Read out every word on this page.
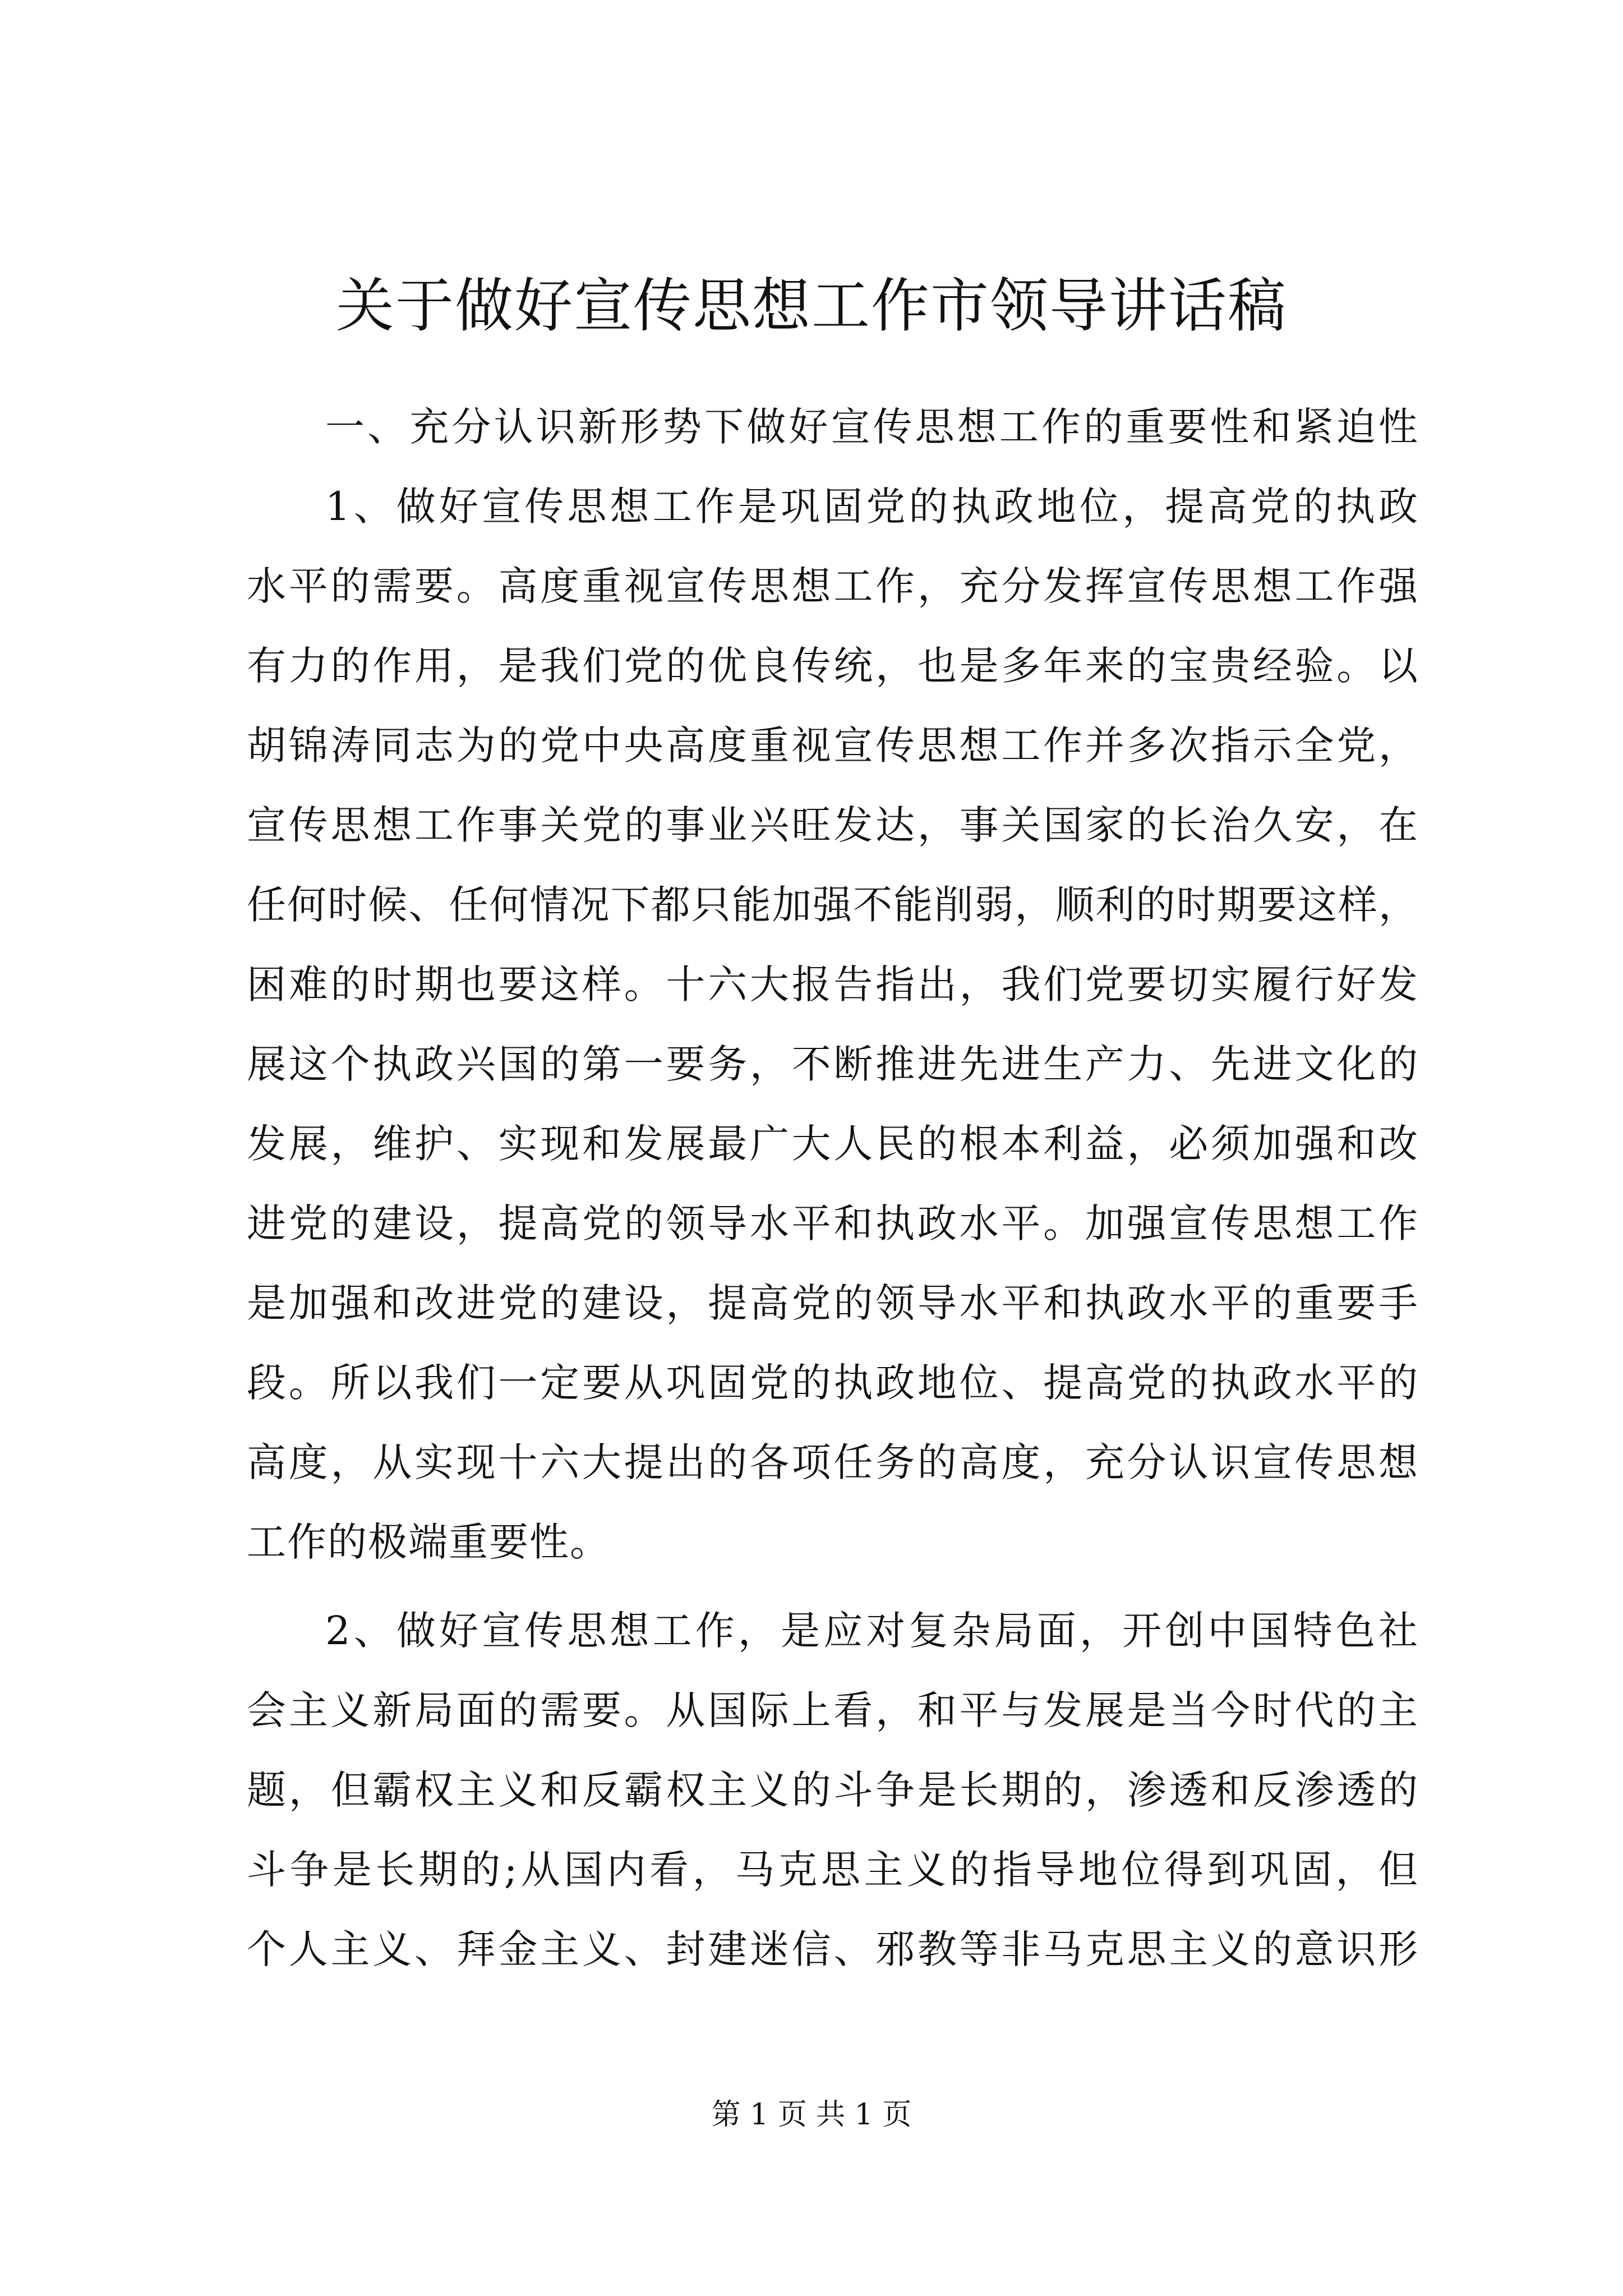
关于做好宣传思想工作市领导讲话稿
一、充分认识新形势下做好宣传思想工作的重要性和紧迫性
1、做好宣传思想工作是巩固党的执政地位，提高党的执政
水平的需要。高度重视宣传思想工作，充分发挥宣传思想工作强
有力的作用，是我们党的优良传统，也是多年来的宝贵经验。以
胡锦涛同志为的党中央高度重视宣传思想工作并多次指示全党，
宣传思想工作事关党的事业兴旺发达，事关国家的长治久安，在
任何时候、任何情况下都只能加强不能削弱，顺利的时期要这样，
困难的时期也要这样。十六大报告指出，我们党要切实履行好发
展这个执政兴国的第一要务，不断推进先进生产力、先进文化的
发展，维护、实现和发展最广大人民的根本利益，必须加强和改
进党的建设，提高党的领导水平和执政水平。加强宣传思想工作
是加强和改进党的建设，提高党的领导水平和执政水平的重要手
段。所以我们一定要从巩固党的执政地位、提高党的执政水平的
高度，从实现十六大提出的各项任务的高度，充分认识宣传思想
工作的极端重要性。
2、做好宣传思想工作，是应对复杂局面，开创中国特色社
会主义新局面的需要。从国际上看，和平与发展是当今时代的主
题，但霸权主义和反霸权主义的斗争是长期的，渗透和反渗透的
斗争是长期的;从国内看，马克思主义的指导地位得到巩固，但
个人主义、拜金主义、封建迷信、邪教等非马克思主义的意识形
第 1 页 共 1 页
